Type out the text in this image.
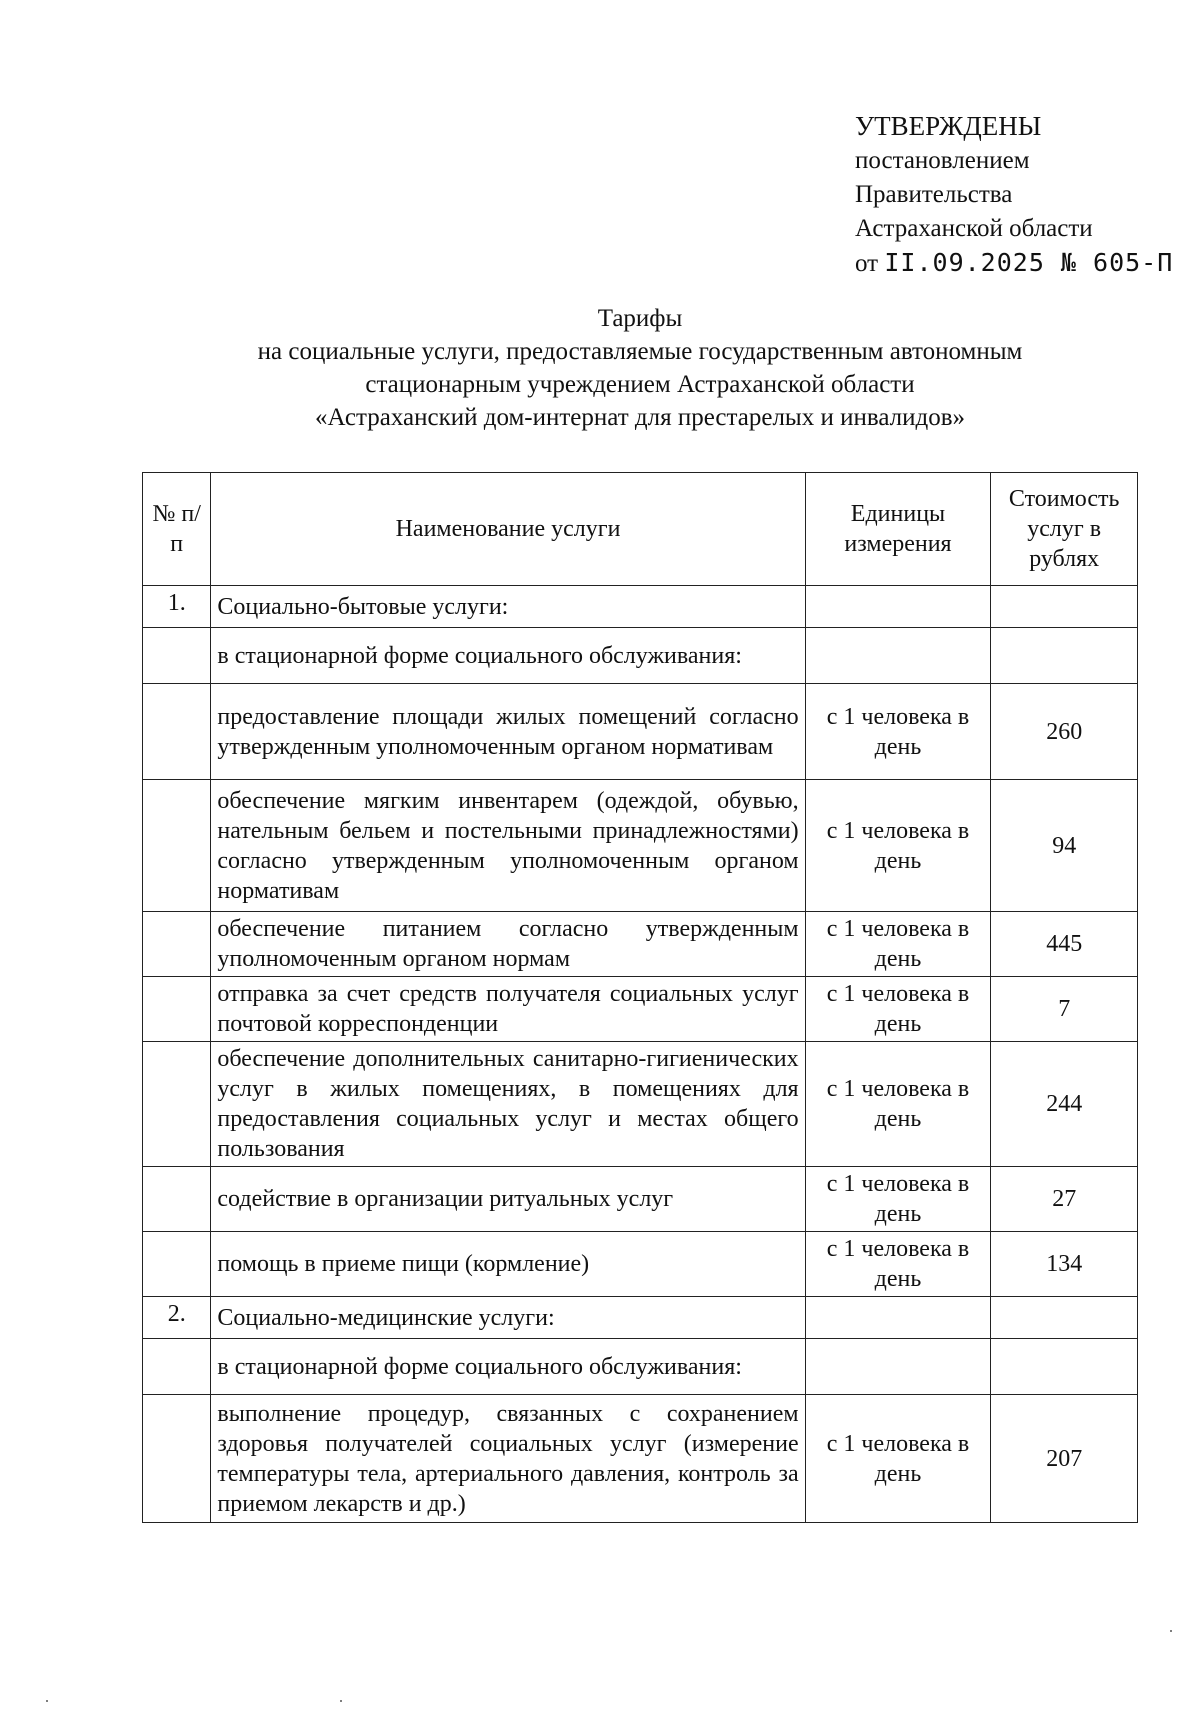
УТВЕРЖДЕНЫ
постановлением
Правительства
Астраханской области
от II.09.2025 № 605-П
Тарифы
на социальные услуги, предоставляемые государственным автономным
стационарным учреждением Астраханской области
«Астраханский дом-интернат для престарелых и инвалидов»
№ п/п	Наименование услуги	Единицы измерения	Стоимость услуг в рублях
1.	Социально-бытовые услуги:		
	в стационарной форме социального обслуживания:		
	предоставление площади жилых помещений согласно утвержденным уполномоченным органом нормативам	с 1 человека в день	260
	обеспечение мягким инвентарем (одеждой, обувью, нательным бельем и постельными принадлежностями) согласно утвержденным уполномоченным органом нормативам	с 1 человека в день	94
	обеспечение питанием согласно утвержденным уполномоченным органом нормам	с 1 человека в день	445
	отправка за счет средств получателя социальных услуг почтовой корреспонденции	с 1 человека в день	7
	обеспечение дополнительных санитарно-гигиенических услуг в жилых помещениях, в помещениях для предоставления социальных услуг и местах общего пользования	с 1 человека в день	244
	содействие в организации ритуальных услуг	с 1 человека в день	27
	помощь в приеме пищи (кормление)	с 1 человека в день	134
2.	Социально-медицинские услуги:		
	в стационарной форме социального обслуживания:		
	выполнение процедур, связанных с сохранением здоровья получателей социальных услуг (измерение температуры тела, артериального давления, контроль за приемом лекарств и др.)	с 1 человека в день	207
